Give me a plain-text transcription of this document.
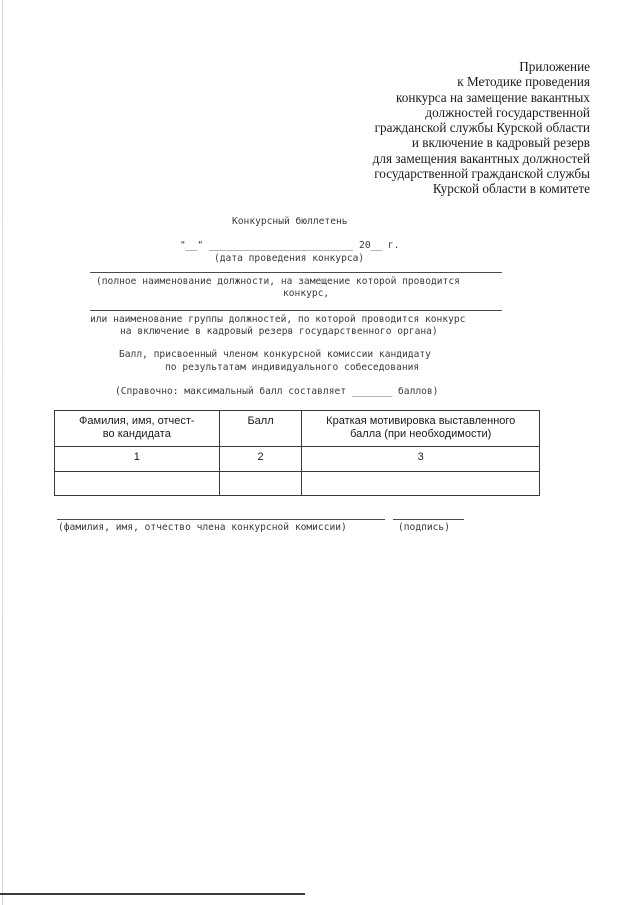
Приложение
к Методике проведения
конкурса на замещение вакантных
должностей государственной
гражданской службы Курской области
и включение в кадровый резерв
для замещения вакантных должностей
государственной гражданской службы
Курской области в комитете
Конкурсный бюллетень
"__" _________________________ 20__ г.
(дата проведения конкурса)
(полное наименование должности, на замещение которой проводится
конкурс,
или наименование группы должностей, по которой проводится конкурс
на включение в кадровый резерв государственного органа)
Балл, присвоенный членом конкурсной комиссии кандидату
по результатам индивидуального собеседования
(Справочно: максимальный балл составляет _______ баллов)
Фамилия, имя, отчест-
во кандидата	Балл	Краткая мотивировка выставленного
балла (при необходимости)
1	2	3

(фамилия, имя, отчество члена конкурсной комиссии)	(подпись)
